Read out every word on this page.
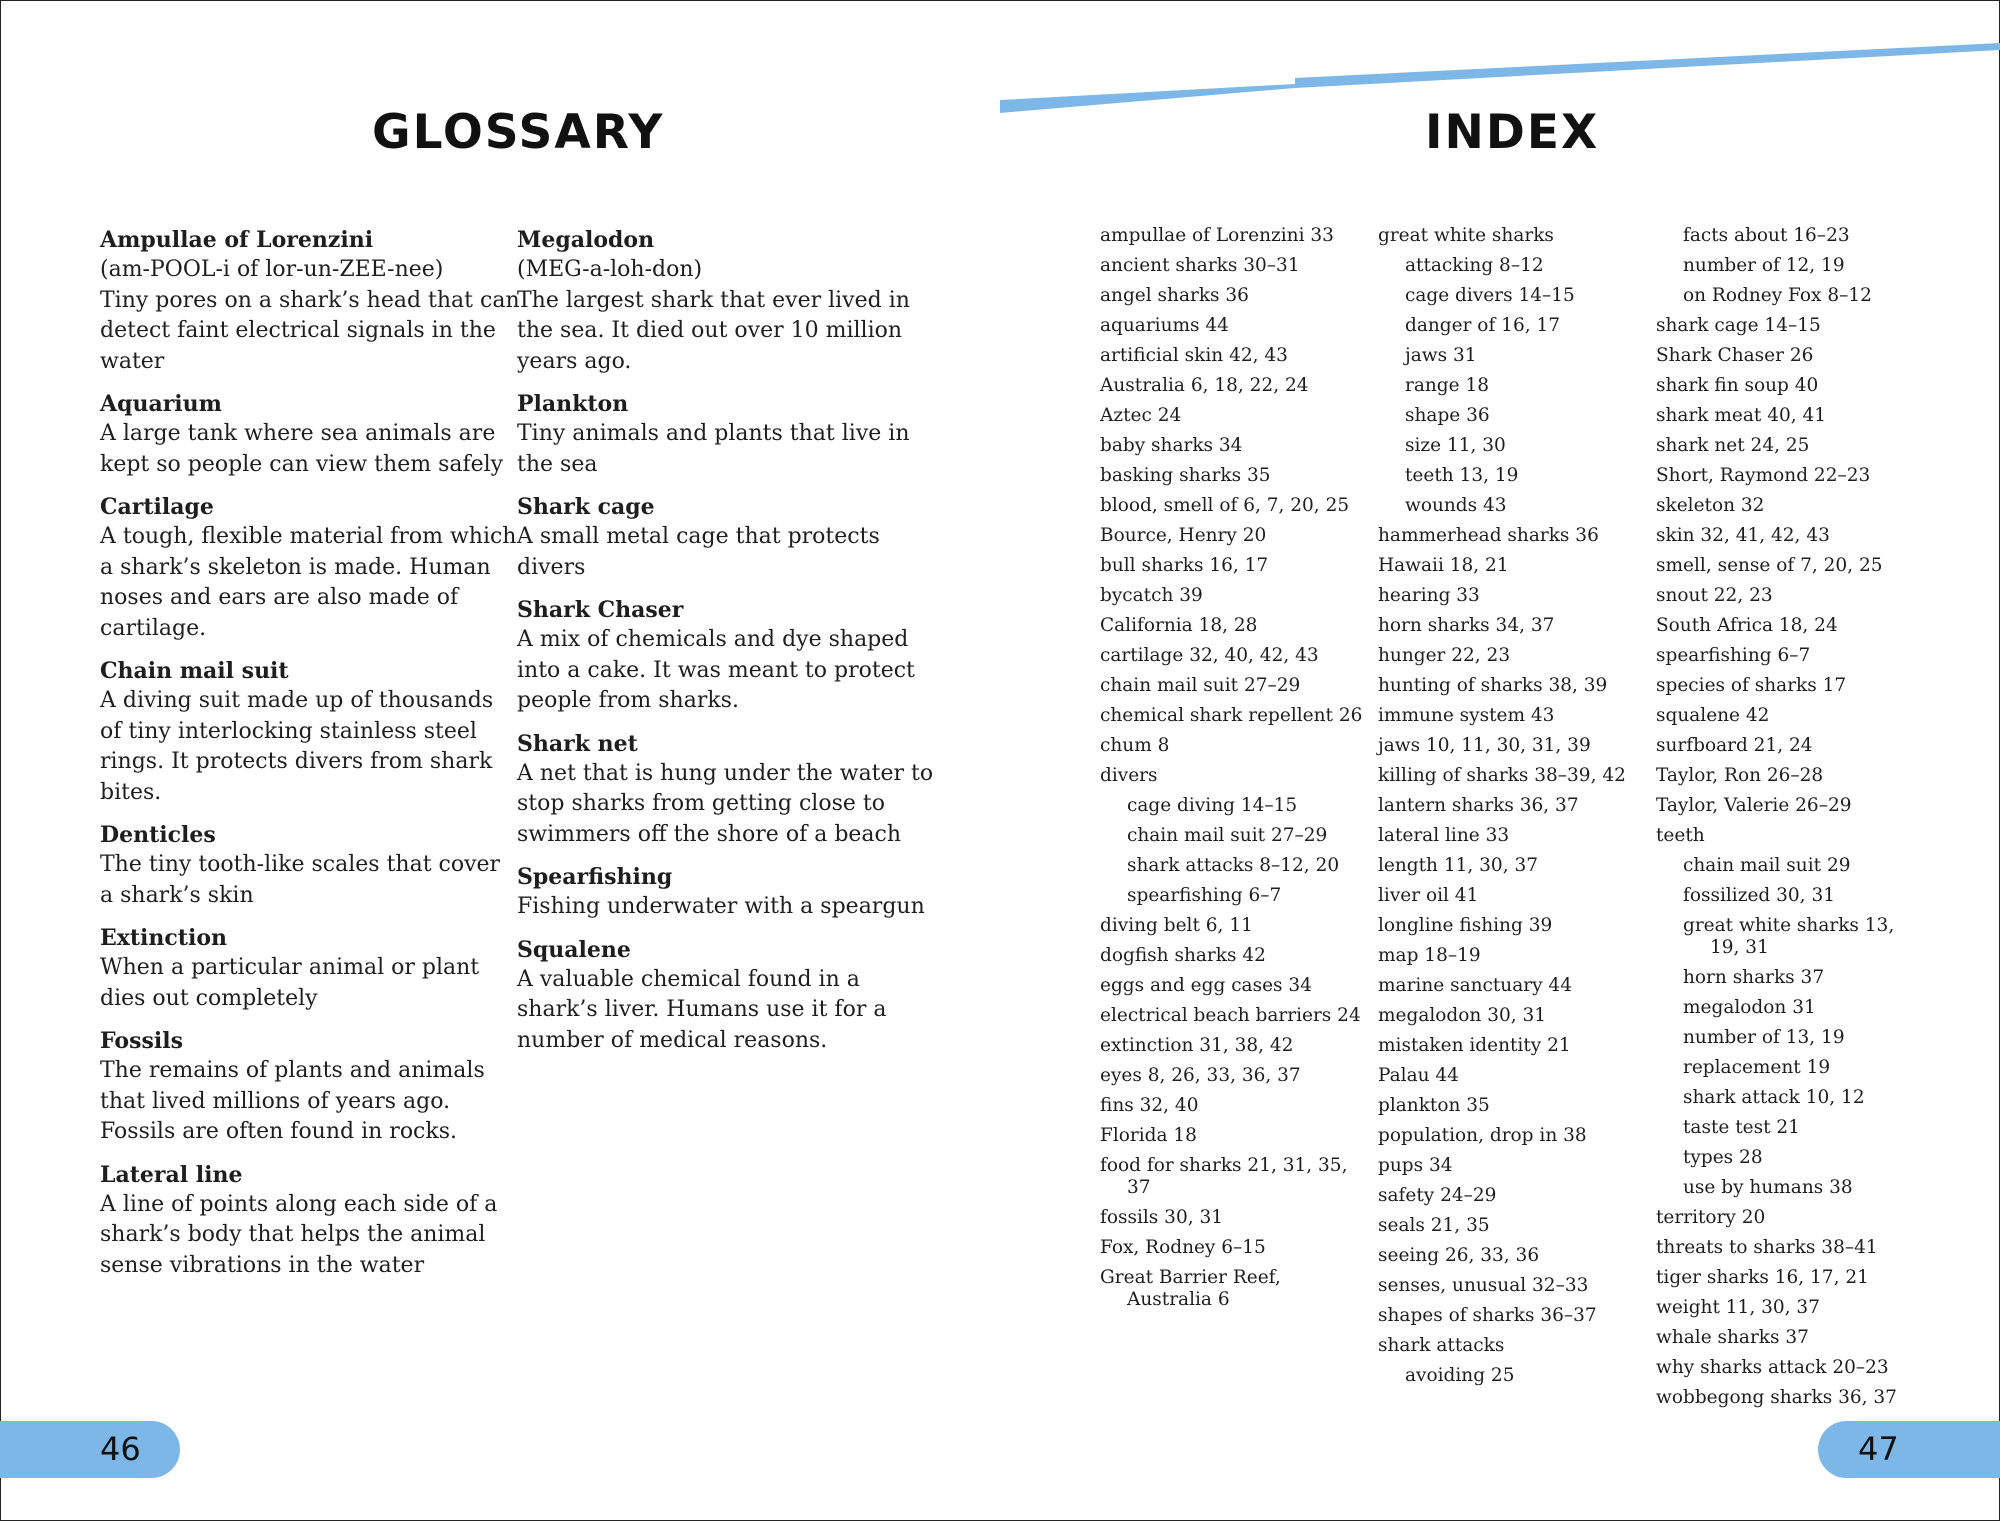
GLOSSARY	INDEX

Ampullae of Lorenzini

(am-POOL-i of lor-un-ZEE-nee)
Tiny pores on a shark’s head that can detect faint electrical signals in the water

Aquarium

A large tank where sea animals are kept so people can view them safely

Cartilage

A tough, flexible material from which a shark’s skeleton is made. Human noses and ears are also made of cartilage.

Chain mail suit

A diving suit made up of thousands of tiny interlocking stainless steel rings. It protects divers from shark bites.

Denticles

The tiny tooth-like scales that cover a shark’s skin

Extinction

When a particular animal or plant dies out completely

Fossils

The remains of plants and animals that lived millions of years ago. Fossils are often found in rocks.

Lateral line

A line of points along each side of a shark’s body that helps the animal sense vibrations in the water

Megalodon

(MEG-a-loh-don)
The largest shark that ever lived in the sea. It died out over 10 million years ago.

Plankton

Tiny animals and plants that live in the sea

Shark cage

A small metal cage that protects divers

Shark Chaser

A mix of chemicals and dye shaped into a cake. It was meant to protect people from sharks.

Shark net

A net that is hung under the water to stop sharks from getting close to swimmers off the shore of a beach

Spearfishing

Fishing underwater with a speargun

Squalene

A valuable chemical found in a shark’s liver. Humans use it for a number of medical reasons.

ampullae of Lorenzini 33

ancient sharks 30–31

angel sharks 36

aquariums 44

artificial skin 42, 43

Australia 6, 18, 22, 24

Aztec 24

baby sharks 34

basking sharks 35

blood, smell of 6, 7, 20, 25

Bource, Henry 20

bull sharks 16, 17

bycatch 39

California 18, 28

cartilage 32, 40, 42, 43

chain mail suit 27–29

chemical shark repellent 26

chum 8

divers

cage diving 14–15

chain mail suit 27–29

shark attacks 8–12, 20

spearfishing 6–7

diving belt 6, 11

dogfish sharks 42

eggs and egg cases 34

electrical beach barriers 24

extinction 31, 38, 42

eyes 8, 26, 33, 36, 37

fins 32, 40

Florida 18

food for sharks 21, 31, 35, 37

fossils 30, 31

Fox, Rodney 6–15

Great Barrier Reef, Australia 6

great white sharks

attacking 8–12

cage divers 14–15

danger of 16, 17

jaws 31

range 18

shape 36

size 11, 30

teeth 13, 19

wounds 43

hammerhead sharks 36

Hawaii 18, 21

hearing 33

horn sharks 34, 37

hunger 22, 23

hunting of sharks 38, 39

immune system 43

jaws 10, 11, 30, 31, 39

killing of sharks 38–39, 42

lantern sharks 36, 37

lateral line 33

length 11, 30, 37

liver oil 41

longline fishing 39

map 18–19

marine sanctuary 44

megalodon 30, 31

mistaken identity 21

Palau 44

plankton 35

population, drop in 38

pups 34

safety 24–29

seals 21, 35

seeing 26, 33, 36

senses, unusual 32–33

shapes of sharks 36–37

shark attacks

avoiding 25

facts about 16–23

number of 12, 19

on Rodney Fox 8–12

shark cage 14–15

Shark Chaser 26

shark fin soup 40

shark meat 40, 41

shark net 24, 25

Short, Raymond 22–23

skeleton 32

skin 32, 41, 42, 43

smell, sense of 7, 20, 25

snout 22, 23

South Africa 18, 24

spearfishing 6–7

species of sharks 17

squalene 42

surfboard 21, 24

Taylor, Ron 26–28

Taylor, Valerie 26–29

teeth

chain mail suit 29

fossilized 30, 31

great white sharks 13, 19, 31

horn sharks 37

megalodon 31

number of 13, 19

replacement 19

shark attack 10, 12

taste test 21

types 28

use by humans 38

territory 20

threats to sharks 38–41

tiger sharks 16, 17, 21

weight 11, 30, 37

whale sharks 37

why sharks attack 20–23

wobbegong sharks 36, 37

46	47
